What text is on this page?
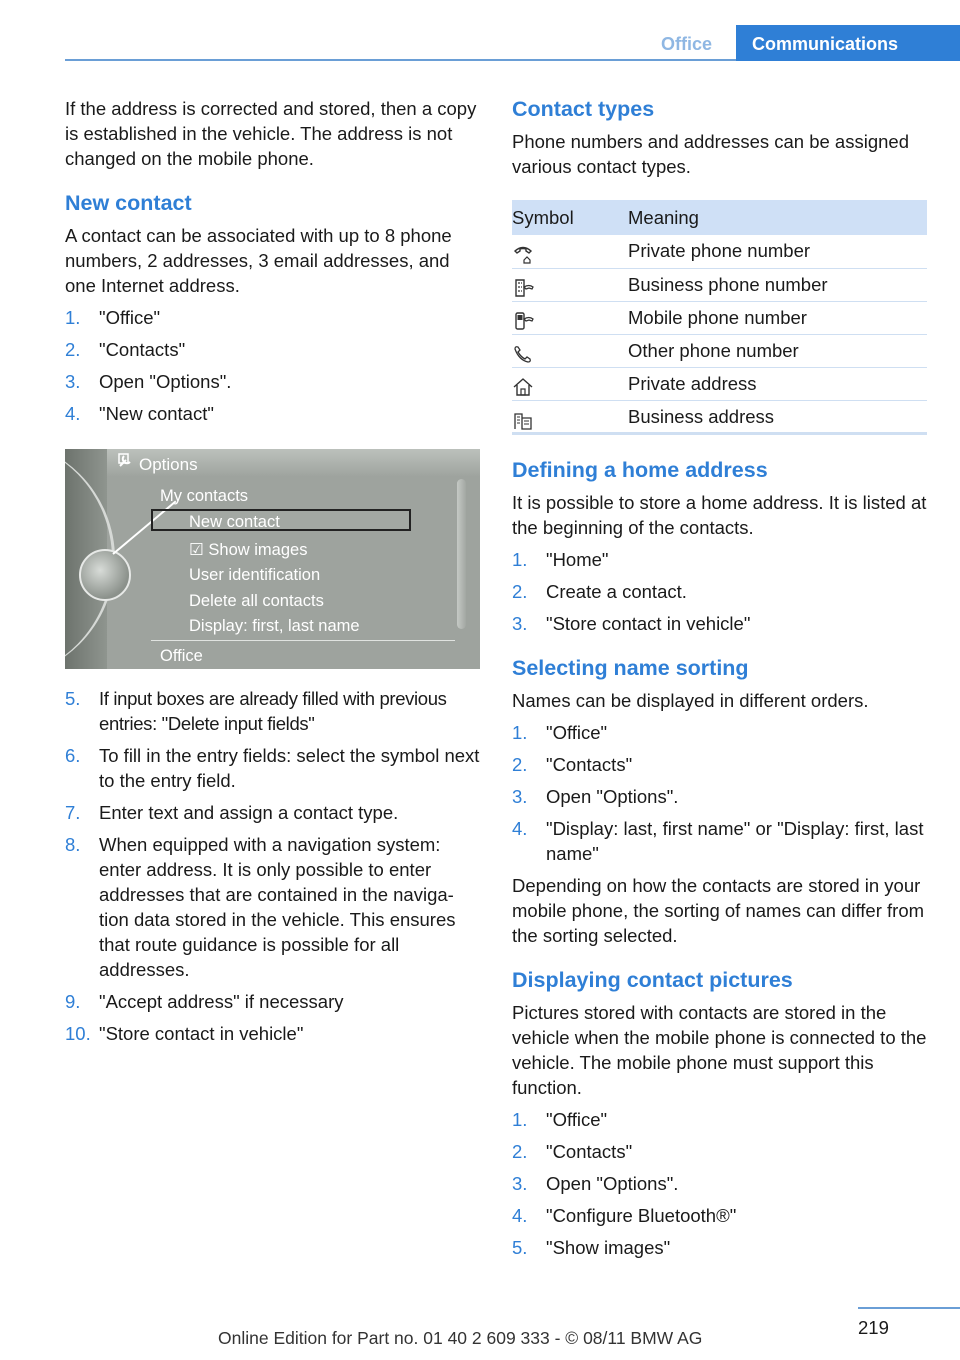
Office	Communications

If the address is corrected and stored, then a copy is established in the vehicle. The address is not changed on the mobile phone.

New contact

A contact can be associated with up to 8 phone numbers, 2 addresses, 3 email addresses, and one Internet address.

1.	"Office"
2.	"Contacts"
3.	Open "Options".
4.	"New contact"
Options
My contacts
New contact
☑ Show images
User identification
Delete all contacts
Display: first, last name
Office
5.	If input boxes are already filled with previous entries: "Delete input fields"
6.	To fill in the entry fields: select the symbol next to the entry field.
7.	Enter text and assign a contact type.
8.	When equipped with a navigation system: enter address. It is only possible to enter addresses that are contained in the naviga-tion data stored in the vehicle. This ensures that route guidance is possible for all addresses.
9.	"Accept address" if necessary
10. "Store contact in vehicle"
Contact types

Phone numbers and addresses can be assigned various contact types.

Symbol	Meaning

	Private phone number

	Business phone number

	Mobile phone number

	Other phone number

	Private address

	Business address
Defining a home address

It is possible to store a home address. It is listed at the beginning of the contacts.

1.	"Home"
2.	Create a contact.
3.	"Store contact in vehicle"
Selecting name sorting

Names can be displayed in different orders.

1.	"Office"
2.	"Contacts"
3.	Open "Options".
4.	"Display: last, first name" or "Display: first, last name"

Depending on how the contacts are stored in your mobile phone, the sorting of names can differ from the sorting selected.

Displaying contact pictures

Pictures stored with contacts are stored in the vehicle when the mobile phone is connected to the vehicle. The mobile phone must support this function.

1.	"Office"
2.	"Contacts"
3.	Open "Options".
4.	"Configure Bluetooth®"
5.	"Show images"
219
Online Edition for Part no. 01 40 2 609 333 - © 08/11 BMW AG
